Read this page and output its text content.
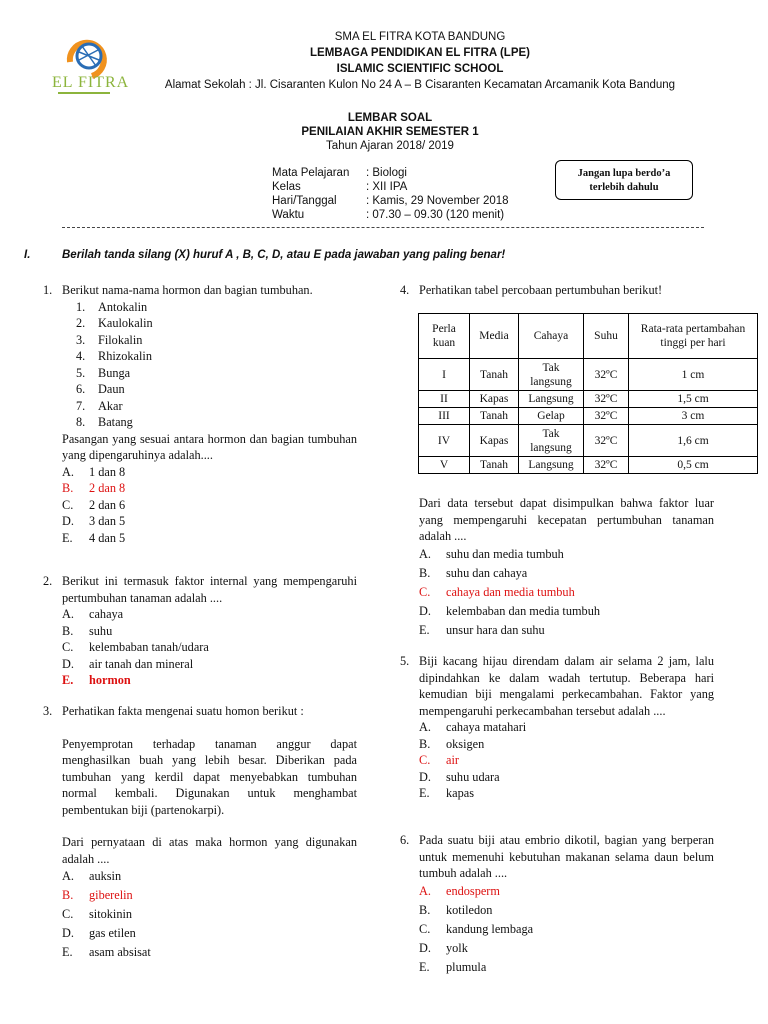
EL FITRA
SMA EL FITRA KOTA BANDUNG
LEMBAGA PENDIDIKAN EL FITRA (LPE)
ISLAMIC SCIENTIFIC SCHOOL
Alamat Sekolah : Jl. Cisaranten Kulon No 24 A – B Cisaranten Kecamatan Arcamanik Kota Bandung
LEMBAR SOAL
PENILAIAN AKHIR SEMESTER 1
Tahun Ajaran 2018/ 2019
Mata Pelajaran : Biologi
Kelas	: XII IPA
Hari/Tanggal	: Kamis, 29 November 2018
Waktu	: 07.30 – 09.30 (120 menit)
Jangan lupa berdo’a
terlebih dahulu
I.	Berilah tanda silang (X) huruf A , B, C, D, atau E pada jawaban yang paling benar!
1. Berikut nama-nama hormon dan bagian tumbuhan.
1.	Antokalin
2.	Kaulokalin
3.	Filokalin
4.	Rhizokalin
5.	Bunga
6.	Daun
7.	Akar
8.	Batang
Pasangan yang sesuai antara hormon dan bagian tumbuhan yang dipengaruhinya adalah....
A.	1 dan 8
B.	2 dan 8
C.	2 dan 6
D.	3 dan 5
E.	4 dan 5
2. Berikut ini termasuk faktor internal yang mempengaruhi pertumbuhan tanaman adalah ....
A.	cahaya
B.	suhu
C.	kelembaban tanah/udara
D.	air tanah dan mineral
E.	hormon
3. Perhatikan fakta mengenai suatu homon berikut :
Penyemprotan terhadap tanaman anggur dapat menghasilkan buah yang lebih besar. Diberikan pada tumbuhan yang kerdil dapat menyebabkan tumbuhan normal kembali. Digunakan untuk menghambat pembentukan biji (partenokarpi).
Dari pernyataan di atas maka hormon yang digunakan adalah ....
A.	auksin
B.	giberelin
C.	sitokinin
D.	gas etilen
E.	asam absisat
4. Perhatikan tabel percobaan pertumbuhan berikut!
Perla kuan	Media	Cahaya	Suhu	Rata-rata pertambahan tinggi per hari
I	Tanah	Tak langsung	32ºC	1 cm
II	Kapas	Langsung	32ºC	1,5 cm
III	Tanah	Gelap	32ºC	3 cm
IV	Kapas	Tak langsung	32ºC	1,6 cm
V	Tanah	Langsung	32ºC	0,5 cm
Dari data tersebut dapat disimpulkan bahwa faktor luar yang mempengaruhi kecepatan pertumbuhan tanaman adalah ....
A.	suhu dan media tumbuh
B.	suhu dan cahaya
C.	cahaya dan media tumbuh
D.	kelembaban dan media tumbuh
E.	unsur hara dan suhu
5. Biji kacang hijau direndam dalam air selama 2 jam, lalu dipindahkan ke dalam wadah tertutup. Beberapa hari kemudian biji mengalami perkecambahan. Faktor yang mempengaruhi perkecambahan tersebut adalah ....
A.	cahaya matahari
B.	oksigen
C.	air
D.	suhu udara
E.	kapas
6. Pada suatu biji atau embrio dikotil, bagian yang berperan untuk memenuhi kebutuhan makanan selama daun belum tumbuh adalah ....
A.	endosperm
B.	kotiledon
C.	kandung lembaga
D.	yolk
E.	plumula
